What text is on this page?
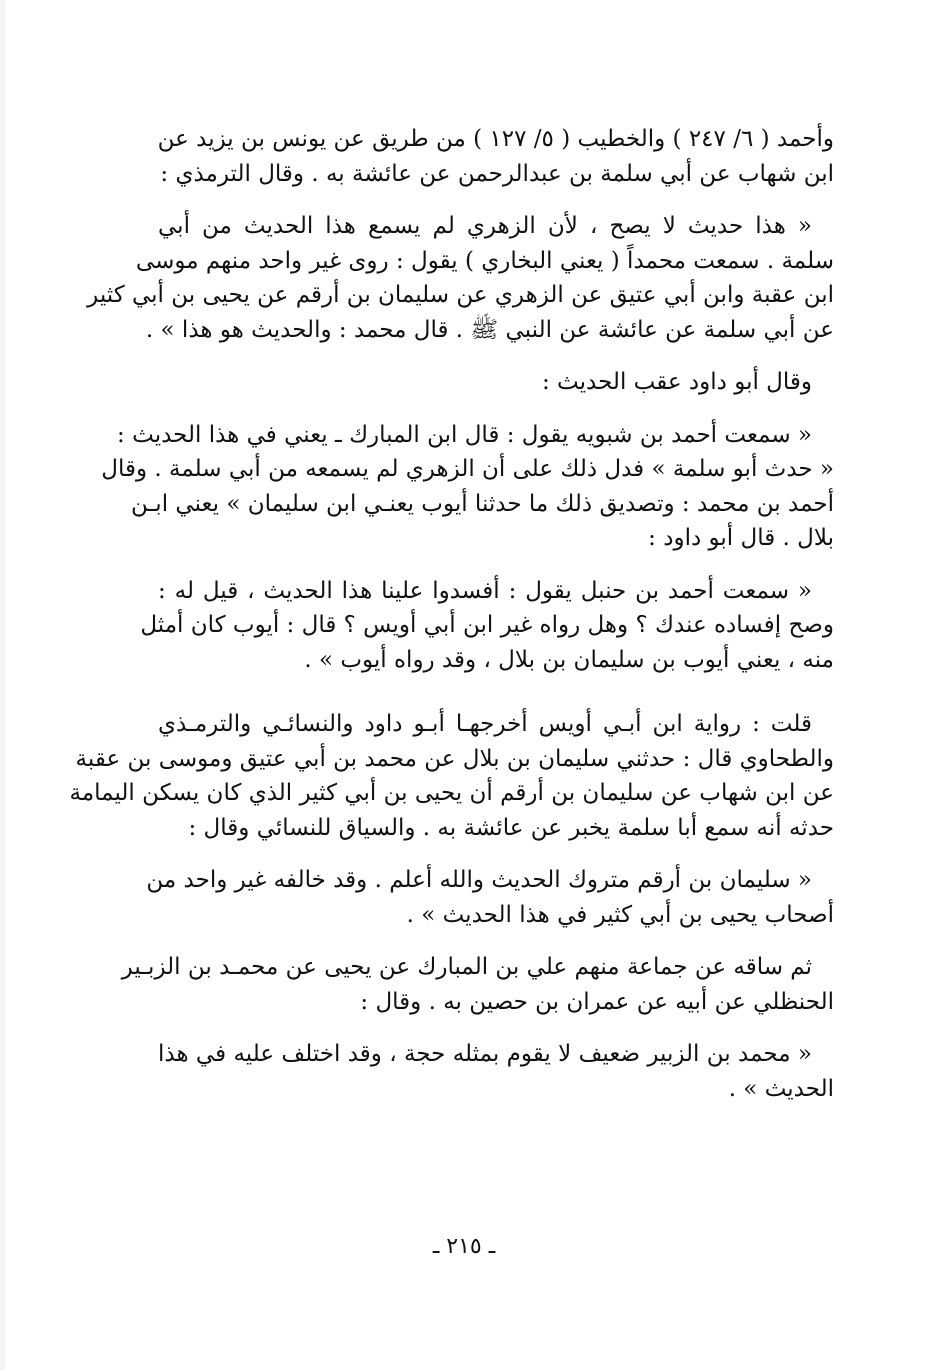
وأحمد ( ٦/ ٢٤٧ ) والخطيب ( ٥/ ١٢٧ ) من طريق عن يونس بن يزيد عن
ابن شهاب عن أبي سلمة بن عبدالرحمن عن عائشة به . وقال الترمذي :

« هذا حديث لا يصح ، لأن الزهري لم يسمع هذا الحديث من أبي
سلمة . سمعت محمداً ( يعني البخاري ) يقول : روى غير واحد منهم موسى
ابن عقبة وابن أبي عتيق عن الزهري عن سليمان بن أرقم عن يحيى بن أبي كثير
عن أبي سلمة عن عائشة عن النبي ﷺ . قال محمد : والحديث هو هذا » .

وقال أبو داود عقب الحديث :

« سمعت أحمد بن شبويه يقول : قال ابن المبارك ـ يعني في هذا الحديث :
« حدث أبو سلمة » فدل ذلك على أن الزهري لم يسمعه من أبي سلمة . وقال
أحمد بن محمد : وتصديق ذلك ما حدثنا أيوب يعنـي ابن سليمان » يعني ابـن
بلال . قال أبو داود :

« سمعت أحمد بن حنبل يقول : أفسدوا علينا هذا الحديث ، قيل له :
وصح إفساده عندك ؟ وهل رواه غير ابن أبي أويس ؟ قال : أيوب كان أمثل
منه ، يعني أيوب بن سليمان بن بلال ، وقد رواه أيوب » .

قلت : رواية ابن أبـي أويس أخرجهـا أبـو داود والنسائـي والترمـذي
والطحاوي قال : حدثني سليمان بن بلال عن محمد بن أبي عتيق وموسى بن عقبة
عن ابن شهاب عن سليمان بن أرقم أن يحيى بن أبي كثير الذي كان يسكن اليمامة
حدثه أنه سمع أبا سلمة يخبر عن عائشة به . والسياق للنسائي وقال :

« سليمان بن أرقم متروك الحديث والله أعلم . وقد خالفه غير واحد من
أصحاب يحيى بن أبي كثير في هذا الحديث » .

ثم ساقه عن جماعة منهم علي بن المبارك عن يحيى عن محمـد بن الزبـير
الحنظلي عن أبيه عن عمران بن حصين به . وقال :

« محمد بن الزبير ضعيف لا يقوم بمثله حجة ، وقد اختلف عليه في هذا
الحديث » .

ـ ٢١٥ ـ
